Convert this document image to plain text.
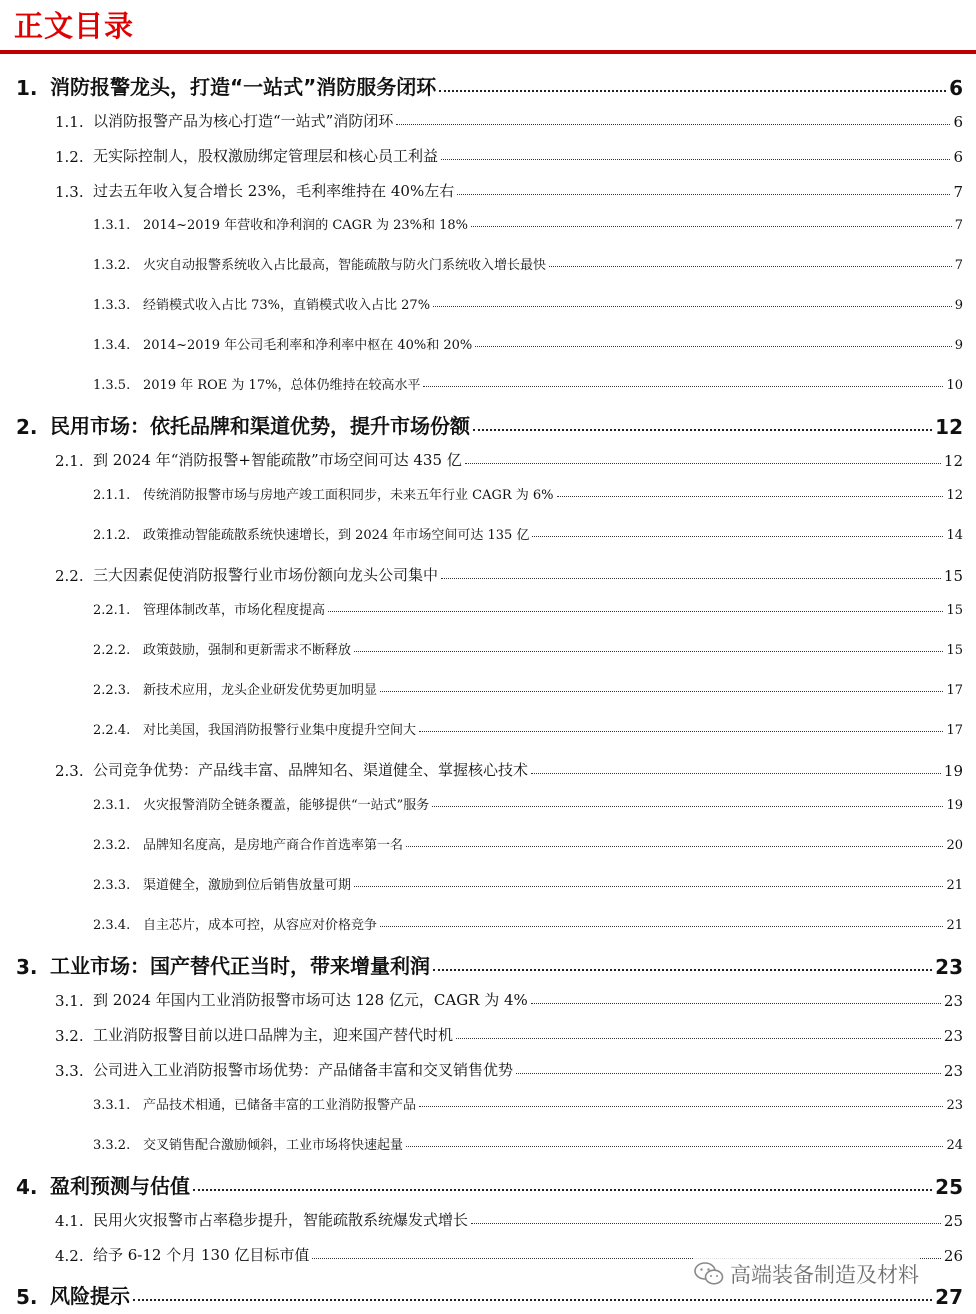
正文目录
1. 消防报警龙头，打造“一站式”消防服务闭环	6
1.1. 以消防报警产品为核心打造“一站式”消防闭环	6
1.2. 无实际控制人，股权激励绑定管理层和核心员工利益	6
1.3. 过去五年收入复合增长 23%，毛利率维持在 40%左右	7
1.3.1. 2014~2019 年营收和净利润的 CAGR 为 23%和 18%	7
1.3.2. 火灾自动报警系统收入占比最高，智能疏散与防火门系统收入增长最快	7
1.3.3. 经销模式收入占比 73%，直销模式收入占比 27%	9
1.3.4. 2014~2019 年公司毛利率和净利率中枢在 40%和 20%	9
1.3.5. 2019 年 ROE 为 17%，总体仍维持在较高水平	10
2. 民用市场：依托品牌和渠道优势，提升市场份额	12
2.1. 到 2024 年“消防报警+智能疏散”市场空间可达 435 亿	12
2.1.1. 传统消防报警市场与房地产竣工面积同步，未来五年行业 CAGR 为 6%	12
2.1.2. 政策推动智能疏散系统快速增长，到 2024 年市场空间可达 135 亿	14
2.2. 三大因素促使消防报警行业市场份额向龙头公司集中	15
2.2.1. 管理体制改革，市场化程度提高	15
2.2.2. 政策鼓励，强制和更新需求不断释放	15
2.2.3. 新技术应用，龙头企业研发优势更加明显	17
2.2.4. 对比美国，我国消防报警行业集中度提升空间大	17
2.3. 公司竞争优势：产品线丰富、品牌知名、渠道健全、掌握核心技术	19
2.3.1. 火灾报警消防全链条覆盖，能够提供“一站式”服务	19
2.3.2. 品牌知名度高，是房地产商合作首选率第一名	20
2.3.3. 渠道健全，激励到位后销售放量可期	21
2.3.4. 自主芯片，成本可控，从容应对价格竞争	21
3. 工业市场：国产替代正当时，带来增量利润	23
3.1. 到 2024 年国内工业消防报警市场可达 128 亿元，CAGR 为 4%	23
3.2. 工业消防报警目前以进口品牌为主，迎来国产替代时机	23
3.3. 公司进入工业消防报警市场优势：产品储备丰富和交叉销售优势	23
3.3.1. 产品技术相通，已储备丰富的工业消防报警产品	23
3.3.2. 交叉销售配合激励倾斜，工业市场将快速起量	24
4. 盈利预测与估值	25
4.1. 民用火灾报警市占率稳步提升，智能疏散系统爆发式增长	25
4.2. 给予 6-12 个月 130 亿目标市值	26
5. 风险提示	27
高端装备制造及材料
